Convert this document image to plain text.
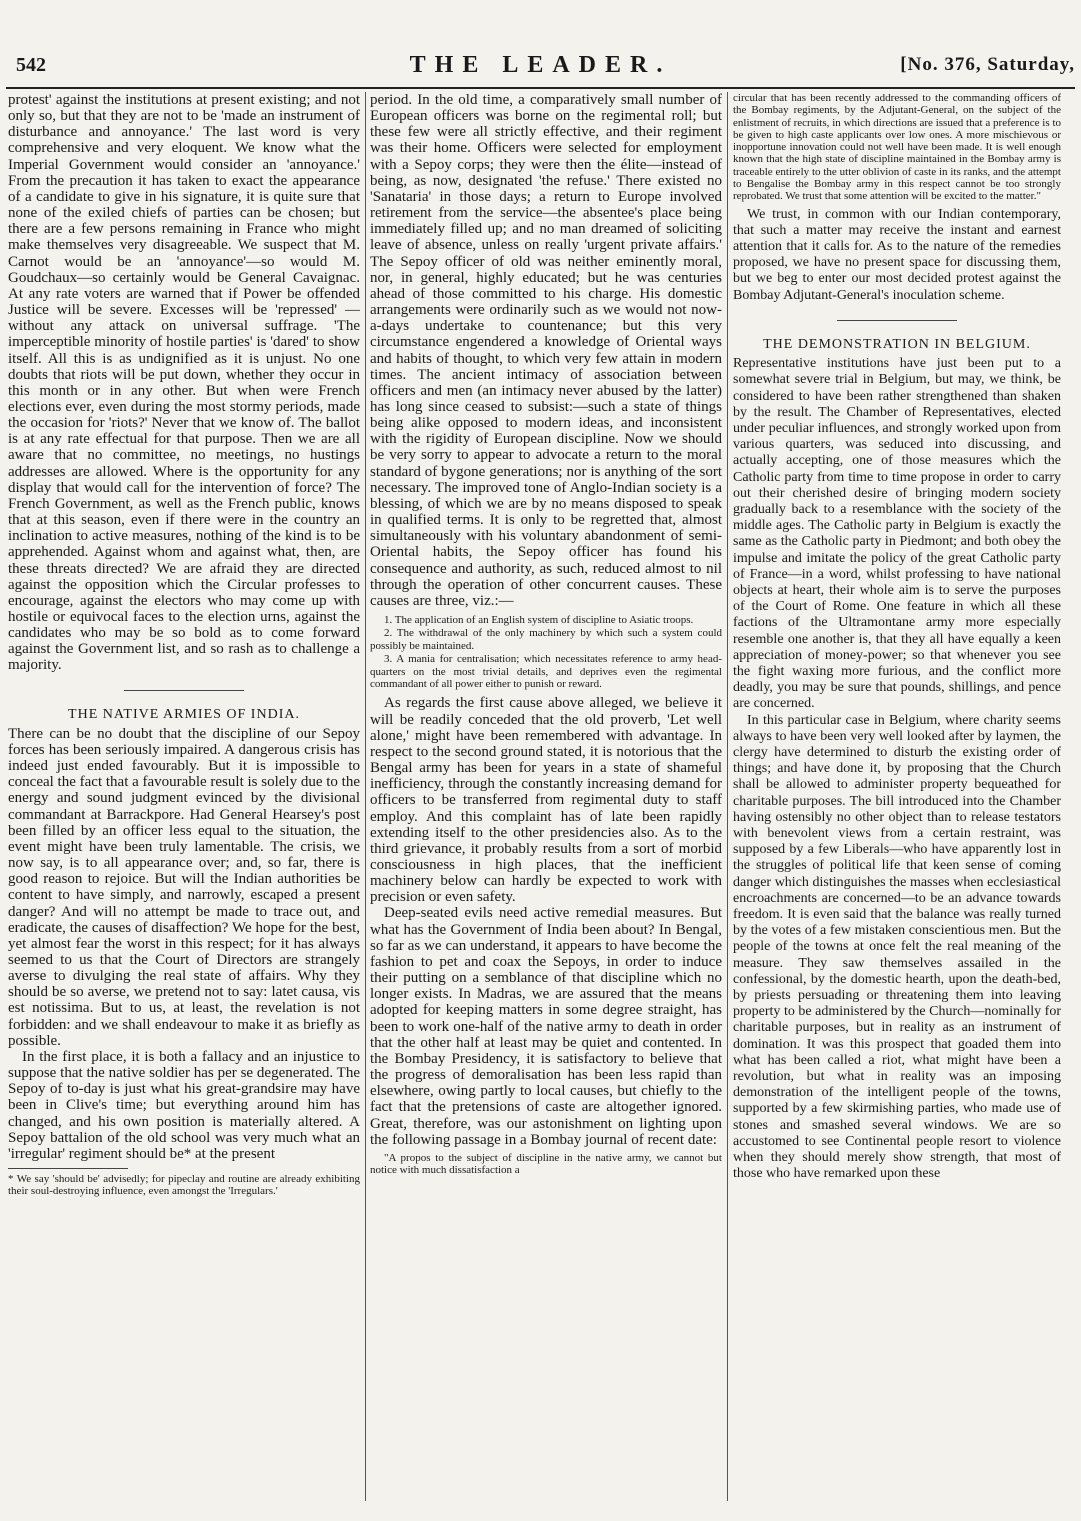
542	THE LEADER.	[No. 376, Saturday,

protest' against the institutions at present existing; and not only so, but that they are not to be 'made an instrument of disturbance and annoyance.' The last word is very comprehensive and very eloquent. We know what the Imperial Government would consider an 'annoyance.' From the precaution it has taken to exact the appearance of a candidate to give in his signature, it is quite sure that none of the exiled chiefs of parties can be chosen; but there are a few persons remaining in France who might make themselves very disagreeable. We suspect that M. Carnot would be an 'annoyance'—so would M. Goudchaux—so certainly would be General Cavaignac. At any rate voters are warned that if Power be offended Justice will be severe. Excesses will be 'repressed' —without any attack on universal suffrage. 'The imperceptible minority of hostile parties' is 'dared' to show itself. All this is as undignified as it is unjust. No one doubts that riots will be put down, whether they occur in this month or in any other. But when were French elections ever, even during the most stormy periods, made the occasion for 'riots?' Never that we know of. The ballot is at any rate effectual for that purpose. Then we are all aware that no committee, no meetings, no hustings addresses are allowed. Where is the opportunity for any display that would call for the intervention of force? The French Government, as well as the French public, knows that at this season, even if there were in the country an inclination to active measures, nothing of the kind is to be apprehended. Against whom and against what, then, are these threats directed? We are afraid they are directed against the opposition which the Circular professes to encourage, against the electors who may come up with hostile or equivocal faces to the election urns, against the candidates who may be so bold as to come forward against the Government list, and so rash as to challenge a majority.

THE NATIVE ARMIES OF INDIA.

There can be no doubt that the discipline of our Sepoy forces has been seriously impaired. A dangerous crisis has indeed just ended favourably. But it is impossible to conceal the fact that a favourable result is solely due to the energy and sound judgment evinced by the divisional commandant at Barrackpore. Had General Hearsey's post been filled by an officer less equal to the situation, the event might have been truly lamentable. The crisis, we now say, is to all appearance over; and, so far, there is good reason to rejoice. But will the Indian authorities be content to have simply, and narrowly, escaped a present danger? And will no attempt be made to trace out, and eradicate, the causes of disaffection? We hope for the best, yet almost fear the worst in this respect; for it has always seemed to us that the Court of Directors are strangely averse to divulging the real state of affairs. Why they should be so averse, we pretend not to say: latet causa, vis est notissima. But to us, at least, the revelation is not forbidden: and we shall endeavour to make it as briefly as possible.

In the first place, it is both a fallacy and an injustice to suppose that the native soldier has per se degenerated. The Sepoy of to-day is just what his great-grandsire may have been in Clive's time; but everything around him has changed, and his own position is materially altered. A Sepoy battalion of the old school was very much what an 'irregular' regiment should be* at the present

* We say 'should be' advisedly; for pipeclay and routine are already exhibiting their soul-destroying influence, even amongst the 'Irregulars.'

period. In the old time, a comparatively small number of European officers was borne on the regimental roll; but these few were all strictly effective, and their regiment was their home. Officers were selected for employment with a Sepoy corps; they were then the élite—instead of being, as now, designated 'the refuse.' There existed no 'Sanataria' in those days; a return to Europe involved retirement from the service—the absentee's place being immediately filled up; and no man dreamed of soliciting leave of absence, unless on really 'urgent private affairs.' The Sepoy officer of old was neither eminently moral, nor, in general, highly educated; but he was centuries ahead of those committed to his charge. His domestic arrangements were ordinarily such as we would not now-a-days undertake to countenance; but this very circumstance engendered a knowledge of Oriental ways and habits of thought, to which very few attain in modern times. The ancient intimacy of association between officers and men (an intimacy never abused by the latter) has long since ceased to subsist:—such a state of things being alike opposed to modern ideas, and inconsistent with the rigidity of European discipline. Now we should be very sorry to appear to advocate a return to the moral standard of bygone generations; nor is anything of the sort necessary. The improved tone of Anglo-Indian society is a blessing, of which we are by no means disposed to speak in qualified terms. It is only to be regretted that, almost simultaneously with his voluntary abandonment of semi-Oriental habits, the Sepoy officer has found his consequence and authority, as such, reduced almost to nil through the operation of other concurrent causes. These causes are three, viz.:—

1. The application of an English system of discipline to Asiatic troops.

2. The withdrawal of the only machinery by which such a system could possibly be maintained.

3. A mania for centralisation; which necessitates reference to army head-quarters on the most trivial details, and deprives even the regimental commandant of all power either to punish or reward.

As regards the first cause above alleged, we believe it will be readily conceded that the old proverb, 'Let well alone,' might have been remembered with advantage. In respect to the second ground stated, it is notorious that the Bengal army has been for years in a state of shameful inefficiency, through the constantly increasing demand for officers to be transferred from regimental duty to staff employ. And this complaint has of late been rapidly extending itself to the other presidencies also. As to the third grievance, it probably results from a sort of morbid consciousness in high places, that the inefficient machinery below can hardly be expected to work with precision or even safety.

Deep-seated evils need active remedial measures. But what has the Government of India been about? In Bengal, so far as we can understand, it appears to have become the fashion to pet and coax the Sepoys, in order to induce their putting on a semblance of that discipline which no longer exists. In Madras, we are assured that the means adopted for keeping matters in some degree straight, has been to work one-half of the native army to death in order that the other half at least may be quiet and contented. In the Bombay Presidency, it is satisfactory to believe that the progress of demoralisation has been less rapid than elsewhere, owing partly to local causes, but chiefly to the fact that the pretensions of caste are altogether ignored. Great, therefore, was our astonishment on lighting upon the following passage in a Bombay journal of recent date:

"A propos to the subject of discipline in the native army, we cannot but notice with much dissatisfaction a

circular that has been recently addressed to the commanding officers of the Bombay regiments, by the Adjutant-General, on the subject of the enlistment of recruits, in which directions are issued that a preference is to be given to high caste applicants over low ones. A more mischievous or inopportune innovation could not well have been made. It is well enough known that the high state of discipline maintained in the Bombay army is traceable entirely to the utter oblivion of caste in its ranks, and the attempt to Bengalise the Bombay army in this respect cannot be too strongly reprobated. We trust that some attention will be excited to the matter."

We trust, in common with our Indian contemporary, that such a matter may receive the instant and earnest attention that it calls for. As to the nature of the remedies proposed, we have no present space for discussing them, but we beg to enter our most decided protest against the Bombay Adjutant-General's inoculation scheme.

THE DEMONSTRATION IN BELGIUM.

Representative institutions have just been put to a somewhat severe trial in Belgium, but may, we think, be considered to have been rather strengthened than shaken by the result. The Chamber of Representatives, elected under peculiar influences, and strongly worked upon from various quarters, was seduced into discussing, and actually accepting, one of those measures which the Catholic party from time to time propose in order to carry out their cherished desire of bringing modern society gradually back to a resemblance with the society of the middle ages. The Catholic party in Belgium is exactly the same as the Catholic party in Piedmont; and both obey the impulse and imitate the policy of the great Catholic party of France—in a word, whilst professing to have national objects at heart, their whole aim is to serve the purposes of the Court of Rome. One feature in which all these factions of the Ultramontane army more especially resemble one another is, that they all have equally a keen appreciation of money-power; so that whenever you see the fight waxing more furious, and the conflict more deadly, you may be sure that pounds, shillings, and pence are concerned.

In this particular case in Belgium, where charity seems always to have been very well looked after by laymen, the clergy have determined to disturb the existing order of things; and have done it, by proposing that the Church shall be allowed to administer property bequeathed for charitable purposes. The bill introduced into the Chamber having ostensibly no other object than to release testators with benevolent views from a certain restraint, was supposed by a few Liberals—who have apparently lost in the struggles of political life that keen sense of coming danger which distinguishes the masses when ecclesiastical encroachments are concerned—to be an advance towards freedom. It is even said that the balance was really turned by the votes of a few mistaken conscientious men. But the people of the towns at once felt the real meaning of the measure. They saw themselves assailed in the confessional, by the domestic hearth, upon the death-bed, by priests persuading or threatening them into leaving property to be administered by the Church—nominally for charitable purposes, but in reality as an instrument of domination. It was this prospect that goaded them into what has been called a riot, what might have been a revolution, but what in reality was an imposing demonstration of the intelligent people of the towns, supported by a few skirmishing parties, who made use of stones and smashed several windows. We are so accustomed to see Continental people resort to violence when they should merely show strength, that most of those who have remarked upon these
